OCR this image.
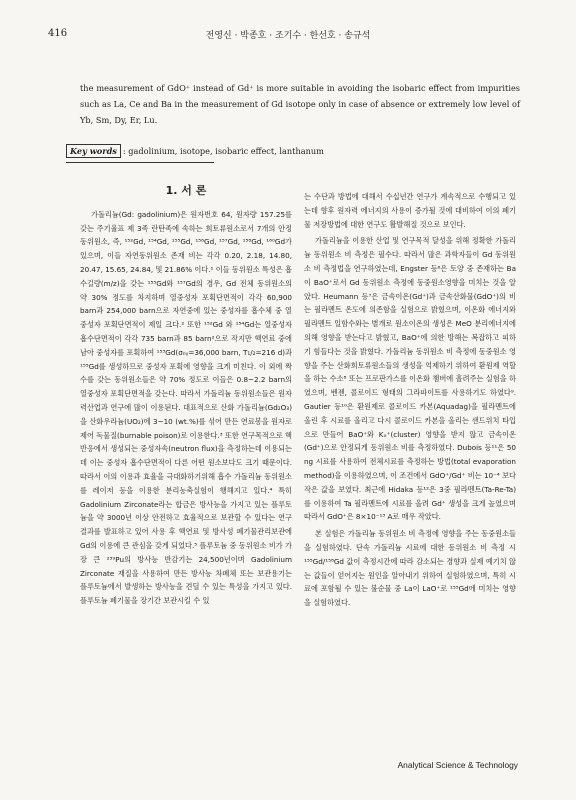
416	전영신 · 박종호 · 조기수 · 한선호 · 송규석
the measurement of GdO⁺ instead of Gd⁺ is more suitable in avoiding the isobaric effect from impurities such as La, Ce and Ba in the measurement of Gd isotope only in case of absence or extremely low level of Yb, Sm, Dy, Er, Lu.
Key words : gadolinium, isotope, isobaric effect, lanthanum
1. 서 론

가돌리늄(Gd: gadolinium)은 원자번호 64, 원자량 157.25를 갖는 주기율표 제 3족 란탄족에 속하는 희토류원소로서 7개의 안정동위원소, 즉, ¹⁵²Gd, ¹⁵⁴Gd, ¹⁵⁵Gd, ¹⁵⁶Gd, ¹⁵⁷Gd, ¹⁵⁸Gd, ¹⁶⁰Gd가 있으며, 이들 자연동위원소 존재 비는 각각 0.20, 2.18, 14.80, 20.47, 15.65, 24.84, 및 21.86% 이다.¹ 이들 동위원소 특성은 흡수길량(m/z)을 갖는 ¹⁵⁵Gd와 ¹⁵⁷Gd의 경우, Gd 전체 동위원소의 약 30% 정도를 차지하며 열중성자 포획단면적이 각각 60,900 barn과 254,000 barn으로 자연중에 있는 중성자를 흡수체 중 열중성자 포획단면적이 제일 크다.² 또한 ¹⁵²Gd 와 ¹⁵⁴Gd는 열중성자 흡수단면적이 각각 735 barn과 85 barn²으로 작지만 핵연료 중에 남아 중성자를 포획하여 ¹⁵³Gd(σₙᵧ=36,000 barn, T₁/₂=216 d)과 ¹⁵⁵Gd를 생성하므로 중성자 포획에 영향을 크게 미친다. 이 외에 짝수를 갖는 동위원소들은 약 70% 정도로 이들은 0.8~2.2 barn의 열중성자 포획단면적을 갖는다. 따라서 가돌리늄 동위원소들은 원자력산업과 연구에 많이 이용된다. 대표적으로 산화 가돌리늄(Gd₂O₃)을 산화우라늄(UO₂)에 3~10 (wt.%)를 섞어 만든 연료봉을 원자로 제어 독물질(burnable poison)로 이용한다.³ 또한 연구목적으로 핵반응에서 생성되는 중성자속(neutron flux)을 측정하는데 이용되는데 이는 중성자 흡수단면적이 다른 어떤 원소보다도 크기 때문이다. 따라서 이의 이용과 효율을 극대화하기위해 흡수 가돌리늄 동위원소를 레이저 등을 이용한 분리농축실험이 행해지고 있다.⁴ 특히 Gadolinium Zirconate라는 합금은 방사능을 가지고 있는 플루토늄을 약 3000년 이상 안전하고 효율적으로 보관할 수 있다는 연구결과를 발표하고 있어 사용 후 핵연료 및 방사성 폐기물관리보관에 Gd의 이용에 큰 관심을 갖게 되었다.⁵ 플루토늄 중 동위원소 비가 가장 큰 ²³⁹Pu의 방사능 반감기는 24,500년이며 Gadolinium Zirconate 재질을 사용하여 만든 방사능 차폐체 또는 보관용기는 플루토늄에서 발생하는 방사능을 견딜 수 있는 특성을 가지고 있다. 플루토늄 폐기물을 장기간 보관시킬 수 있

는 수단과 방법에 대해서 수십년간 연구가 계속적으로 수행되고 있는데 향후 원자력 에너지의 사용이 증가될 것에 대비하여 이의 폐기물 저장방법에 대한 연구도 활발해질 것으로 보인다.

가돌리늄을 이용한 산업 및 연구목적 달성을 위해 정확한 가돌리늄 동위원소 비 측정은 필수다. 따라서 많은 과학자들이 Gd 동위원소 비 측정법을 연구하였는데, Engster 등⁶은 토양 중 존재하는 Ba이 BaO⁺로서 Gd 동위원소 측정에 동중원소영향을 미치는 것을 알았다. Heumann 등⁷은 금속이온(Gd⁺)과 금속산화물(GdO⁺)의 비는 필라멘트 온도에 의존함을 실험으로 밝혔으며, 이온화 에너지와 필라멘트 일함수와는 별개로 원소이온의 생성은 MeO 분리에너지에 의해 영향을 받는다고 밝혔고, BaO⁺에 의한 방해는 복잡하고 피하기 힘들다는 것을 밝혔다. 가돌리늄 동위원소 비 측정에 동중원소 영향을 주는 산화희토류원소들의 생성을 억제하기 위하여 환원제 역할을 하는 수소⁸ 또는 프로판가스를 이온화 챔버에 흘려주는 실험을 하였으며, 벤젠, 콜로이드 형태의 그라파이트를 사용하기도 하였다⁹. Gautier 등¹⁰은 환원제로 콜로이드 카본(Aquadag)을 필라멘트에 올린 후 시료를 올리고 다시 콜로이드 카본을 올리는 샌드위치 타입으로 만들어 BaO⁺와 Kₓ⁺(cluster) 영향을 받지 않고 금속이온(Gd⁺)으로 안정되게 동위원소 비를 측정하였다. Dubois 등¹¹은 50 ng 시료를 사용하여 전체시료를 측정하는 방법(total evaporation method)을 이용하였으며, 이 조건에서 GdO⁺/Gd⁺ 비는 10⁻⁴ 보다 작은 값을 보였다. 최근에 Hidaka 등¹²은 3중 필라멘트(Ta-Re-Ta)를 이용하여 Ta 필라멘트에 시료를 올려 Gd⁺ 생성을 크게 높였으며 따라서 GdO⁺은 8×10⁻¹³ A로 매우 작았다.

본 실험은 가돌리늄 동위원소 비 측정에 영향을 주는 동중원소들을 실험하였다. 단속 가돌리늄 시료에 대한 동위원소 비 측정 시 ¹⁵⁵Gd/¹⁵⁸Gd 값이 측정시간에 따라 감소되는 경향과 실제 예기치 않는 값들이 얻어지는 원인을 알아내기 위하여 실험하였으며, 특히 시료에 포함될 수 있는 불순물 중 La이 LaO⁺로 ¹⁵⁵Gd에 미치는 영향을 실험하였다.

Analytical Science & Technology
